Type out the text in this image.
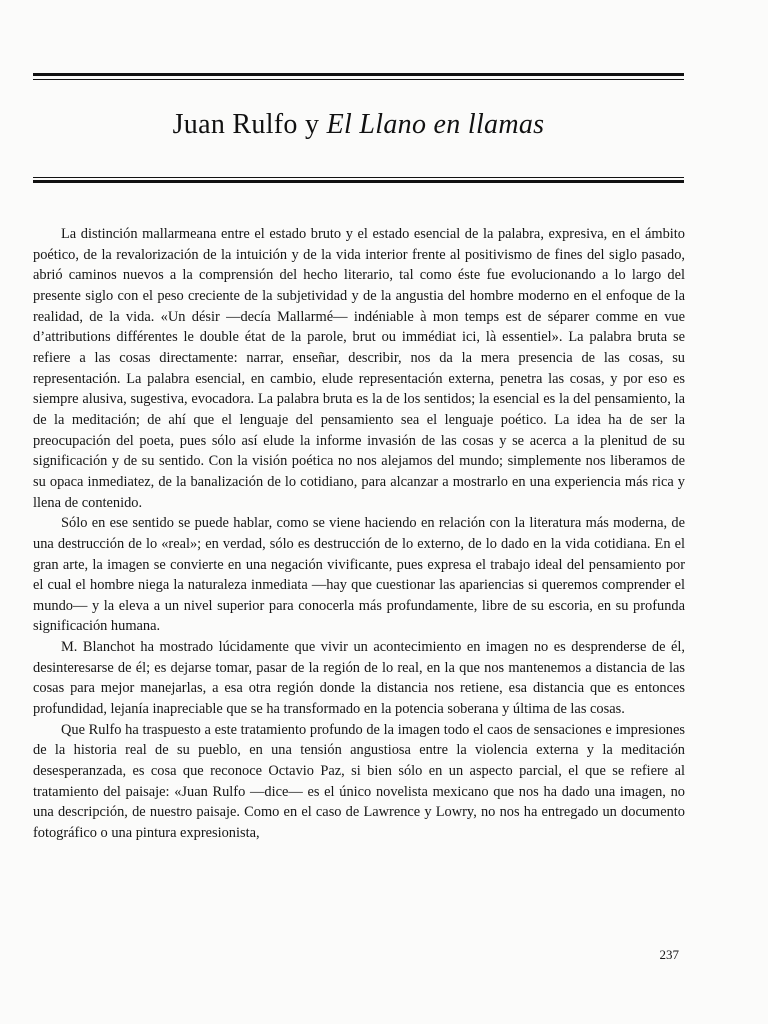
Juan Rulfo y El Llano en llamas

La distinción mallarmeana entre el estado bruto y el estado esencial de la palabra, expresiva, en el ámbito poético, de la revalorización de la intuición y de la vida interior frente al positivismo de fines del siglo pasado, abrió caminos nuevos a la comprensión del hecho literario, tal como éste fue evolucionando a lo largo del presente siglo con el peso creciente de la subjetividad y de la angustia del hombre moderno en el enfoque de la realidad, de la vida. «Un désir —decía Mallarmé— indéniable à mon temps est de séparer comme en vue d’attributions différentes le double état de la parole, brut ou immédiat ici, là essentiel». La palabra bruta se refiere a las cosas directamente: narrar, enseñar, describir, nos da la mera presencia de las cosas, su representación. La palabra esencial, en cambio, elude representación externa, penetra las cosas, y por eso es siempre alusiva, sugestiva, evocadora. La palabra bruta es la de los sentidos; la esencial es la del pensamiento, la de la meditación; de ahí que el lenguaje del pensamiento sea el lenguaje poético. La idea ha de ser la preocupación del poeta, pues sólo así elude la informe invasión de las cosas y se acerca a la plenitud de su significación y de su sentido. Con la visión poética no nos alejamos del mundo; simplemente nos liberamos de su opaca inmediatez, de la banalización de lo cotidiano, para alcanzar a mostrarlo en una experiencia más rica y llena de contenido.

Sólo en ese sentido se puede hablar, como se viene haciendo en relación con la literatura más moderna, de una destrucción de lo «real»; en verdad, sólo es destrucción de lo externo, de lo dado en la vida cotidiana. En el gran arte, la imagen se convierte en una negación vivificante, pues expresa el trabajo ideal del pensamiento por el cual el hombre niega la naturaleza inmediata —hay que cuestionar las apariencias si queremos comprender el mundo— y la eleva a un nivel superior para conocerla más profundamente, libre de su escoria, en su profunda significación humana.

M. Blanchot ha mostrado lúcidamente que vivir un acontecimiento en imagen no es desprenderse de él, desinteresarse de él; es dejarse tomar, pasar de la región de lo real, en la que nos mantenemos a distancia de las cosas para mejor manejarlas, a esa otra región donde la distancia nos retiene, esa distancia que es entonces profundidad, lejanía inapreciable que se ha transformado en la potencia soberana y última de las cosas.

Que Rulfo ha traspuesto a este tratamiento profundo de la imagen todo el caos de sensaciones e impresiones de la historia real de su pueblo, en una tensión angustiosa entre la violencia externa y la meditación desesperanzada, es cosa que reconoce Octavio Paz, si bien sólo en un aspecto parcial, el que se refiere al tratamiento del paisaje: «Juan Rulfo —dice— es el único novelista mexicano que nos ha dado una imagen, no una descripción, de nuestro paisaje. Como en el caso de Lawrence y Lowry, no nos ha entregado un documento fotográfico o una pintura expresionista,

237
